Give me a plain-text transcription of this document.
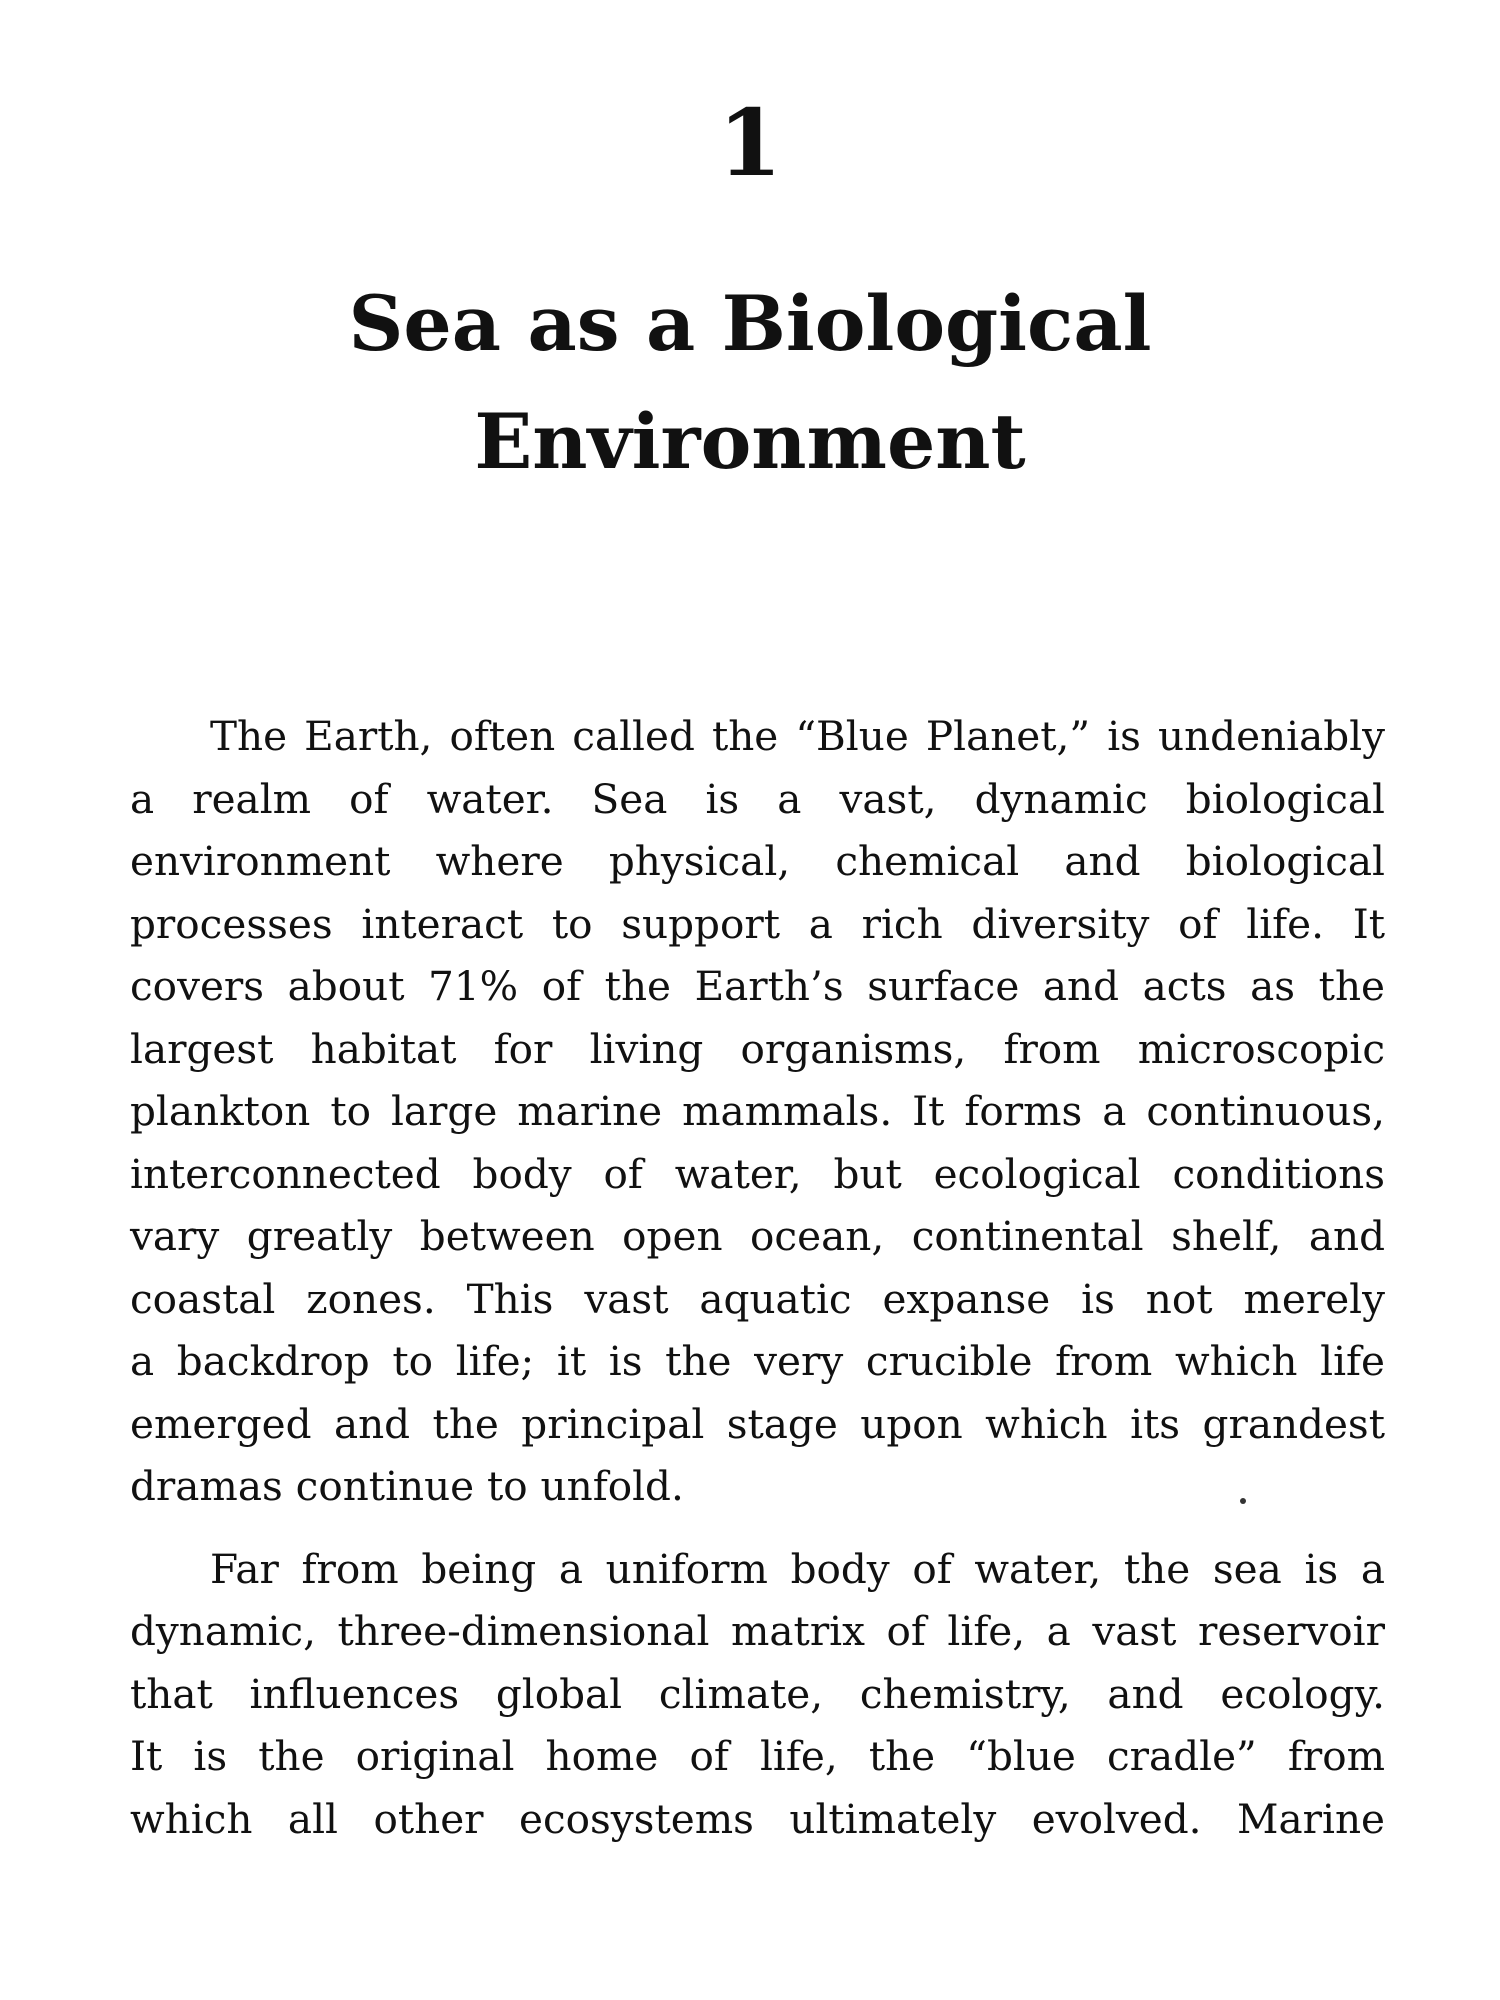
1
Sea as a Biological
Environment

The Earth, often called the “Blue Planet,” is undeniably
a realm of water. Sea is a vast, dynamic biological
environment where physical, chemical and biological
processes interact to support a rich diversity of life. It
covers about 71% of the Earth’s surface and acts as the
largest habitat for living organisms, from microscopic
plankton to large marine mammals. It forms a continuous,
interconnected body of water, but ecological conditions
vary greatly between open ocean, continental shelf, and
coastal zones. This vast aquatic expanse is not merely
a backdrop to life; it is the very crucible from which life
emerged and the principal stage upon which its grandest
dramas continue to unfold.

Far from being a uniform body of water, the sea is a
dynamic, three-dimensional matrix of life, a vast reservoir
that influences global climate, chemistry, and ecology.
It is the original home of life, the “blue cradle” from
which all other ecosystems ultimately evolved. Marine
